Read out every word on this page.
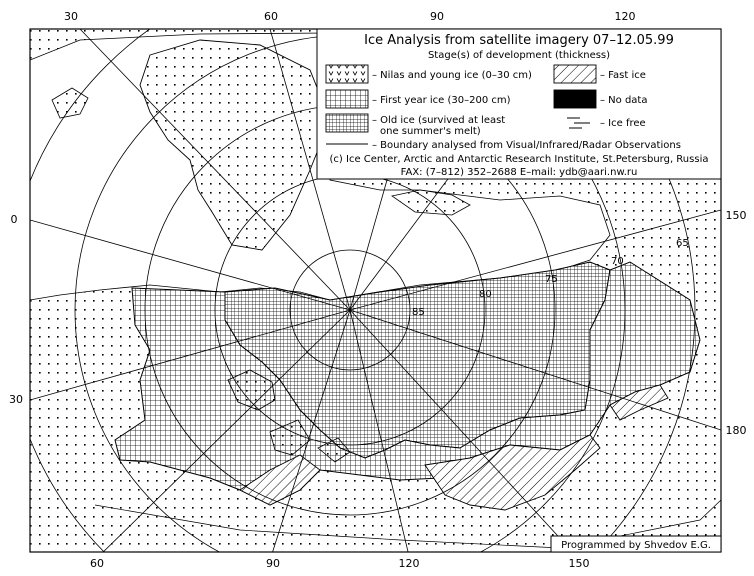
30	60	90	120
60	90	120	150
0
30
150
180
65
70
75
80
85
Ice Analysis from satellite imagery 07–12.05.99
Stage(s) of development (thickness)
– Nilas and young ice (0–30 cm)	– Fast ice
– First year ice (30–200 cm)	– No data
– Old ice (survived at least
one summer's melt)
– Ice free
– Boundary analysed from Visual/Infrared/Radar Observations
(c) Ice Center, Arctic and Antarctic Research Institute, St.Petersburg, Russia
FAX: (7–812) 352–2688 E–mail: ydb@aari.nw.ru
Programmed by Shvedov E.G.
